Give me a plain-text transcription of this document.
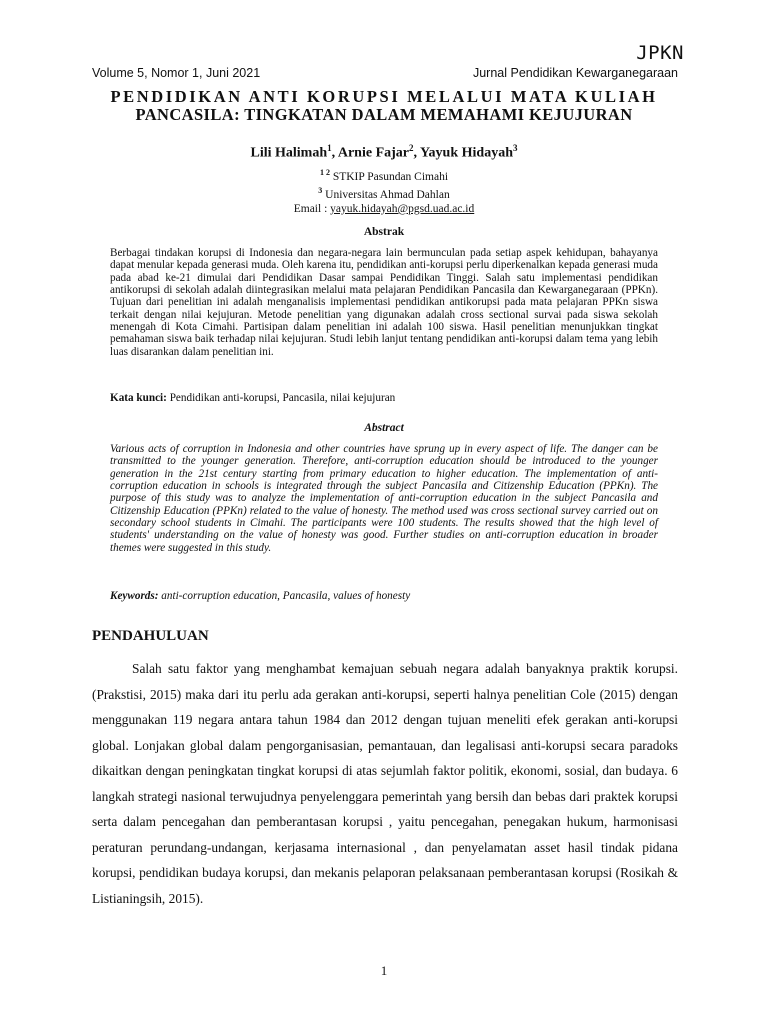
JPKN
Volume 5, Nomor 1, Juni 2021	Jurnal Pendidikan Kewarganegaraan
PENDIDIKAN ANTI KORUPSI MELALUI MATA KULIAH
PANCASILA: TINGKATAN DALAM MEMAHAMI KEJUJURAN
Lili Halimah$^1$, Arnie Fajar$^2$, Yayuk Hidayah$^3$
$^{1 2}$ STKIP Pasundan Cimahi
$^3$ Universitas Ahmad Dahlan
Email : yayuk.hidayah@pgsd.uad.ac.id
Abstrak
Berbagai tindakan korupsi di Indonesia dan negara-negara lain bermunculan pada setiap aspek kehidupan, bahayanya dapat menular kepada generasi muda. Oleh karena itu, pendidikan anti-korupsi perlu diperkenalkan kepada generasi muda pada abad ke-21 dimulai dari Pendidikan Dasar sampai Pendidikan Tinggi. Salah satu implementasi pendidikan antikorupsi di sekolah adalah diintegrasikan melalui mata pelajaran Pendidikan Pancasila dan Kewarganegaraan (PPKn). Tujuan dari penelitian ini adalah menganalisis implementasi pendidikan antikorupsi pada mata pelajaran PPKn siswa terkait dengan nilai kejujuran. Metode penelitian yang digunakan adalah cross sectional survai pada siswa sekolah menengah di Kota Cimahi. Partisipan dalam penelitian ini adalah 100 siswa. Hasil penelitian menunjukkan tingkat pemahaman siswa baik terhadap nilai kejujuran. Studi lebih lanjut tentang pendidikan anti-korupsi dalam tema yang lebih luas disarankan dalam penelitian ini.
Kata kunci: Pendidikan anti-korupsi, Pancasila, nilai kejujuran
Abstract
Various acts of corruption in Indonesia and other countries have sprung up in every aspect of life. The danger can be transmitted to the younger generation. Therefore, anti-corruption education should be introduced to the younger generation in the 21st century starting from primary education to higher education. The implementation of anti-corruption education in schools is integrated through the subject Pancasila and Citizenship Education (PPKn). The purpose of this study was to analyze the implementation of anti-corruption education in the subject Pancasila and Citizenship Education (PPKn) related to the value of honesty. The method used was cross sectional survey carried out on secondary school students in Cimahi. The participants were 100 students. The results showed that the high level of students' understanding on the value of honesty was good. Further studies on anti-corruption education in broader themes were suggested in this study.
Keywords: anti-corruption education, Pancasila, values of honesty
PENDAHULUAN
Salah satu faktor yang menghambat kemajuan sebuah negara adalah banyaknya praktik korupsi. (Prakstisi, 2015) maka dari itu perlu ada gerakan anti-korupsi, seperti halnya penelitian Cole (2015) dengan menggunakan 119 negara antara tahun 1984 dan 2012 dengan tujuan meneliti efek gerakan anti-korupsi global. Lonjakan global dalam pengorganisasian, pemantauan, dan legalisasi anti-korupsi secara paradoks dikaitkan dengan peningkatan tingkat korupsi di atas sejumlah faktor politik, ekonomi, sosial, dan budaya. 6 langkah strategi nasional terwujudnya penyelenggara pemerintah yang bersih dan bebas dari praktek korupsi serta dalam pencegahan dan pemberantasan korupsi , yaitu pencegahan, penegakan hukum, harmonisasi peraturan perundang-undangan, kerjasama internasional , dan penyelamatan asset hasil tindak pidana korupsi, pendidikan budaya korupsi, dan mekanis pelaporan pelaksanaan pemberantasan korupsi (Rosikah & Listianingsih, 2015).
1
